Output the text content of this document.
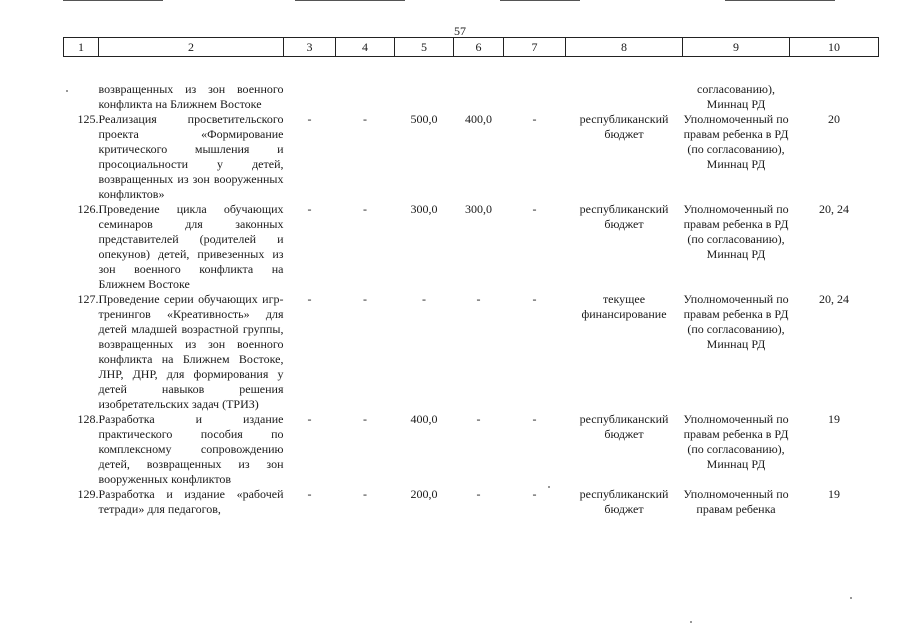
57
1	2	3	4	5	6	7	8	9	10
	возвращенных из зон военного конфликта на Ближнем Востоке							согласованию), Миннац РД	
125.	Реализация просветительского проекта «Формирование критического мышления и просоциальности у детей, возвращенных из зон вооруженных конфликтов»	-	-	500,0	400,0	-	республиканский бюджет	Уполномоченный по правам ребенка в РД (по согласованию), Миннац РД	20
126.	Проведение цикла обучающих семинаров для законных представителей (родителей и опекунов) детей, привезенных из зон военного конфликта на Ближнем Востоке	-	-	300,0	300,0	-	республиканский бюджет	Уполномоченный по правам ребенка в РД (по согласованию), Миннац РД	20, 24
127.	Проведение серии обучающих игр-тренингов «Креативность» для детей младшей возрастной группы, возвращенных из зон военного конфликта на Ближнем Востоке, ЛНР, ДНР, для формирования у детей навыков решения изобретательских задач (ТРИЗ)	-	-	-	-	-	текущее финансирование	Уполномоченный по правам ребенка в РД (по согласованию), Миннац РД	20, 24
128.	Разработка и издание практического пособия по комплексному сопровождению детей, возвращенных из зон вооруженных конфликтов	-	-	400,0	-	-	республиканский бюджет	Уполномоченный по правам ребенка в РД (по согласованию), Миннац РД	19
129.	Разработка и издание «рабочей тетради» для педагогов,	-	-	200,0	-	-	республиканский бюджет	Уполномоченный по правам ребенка	19
